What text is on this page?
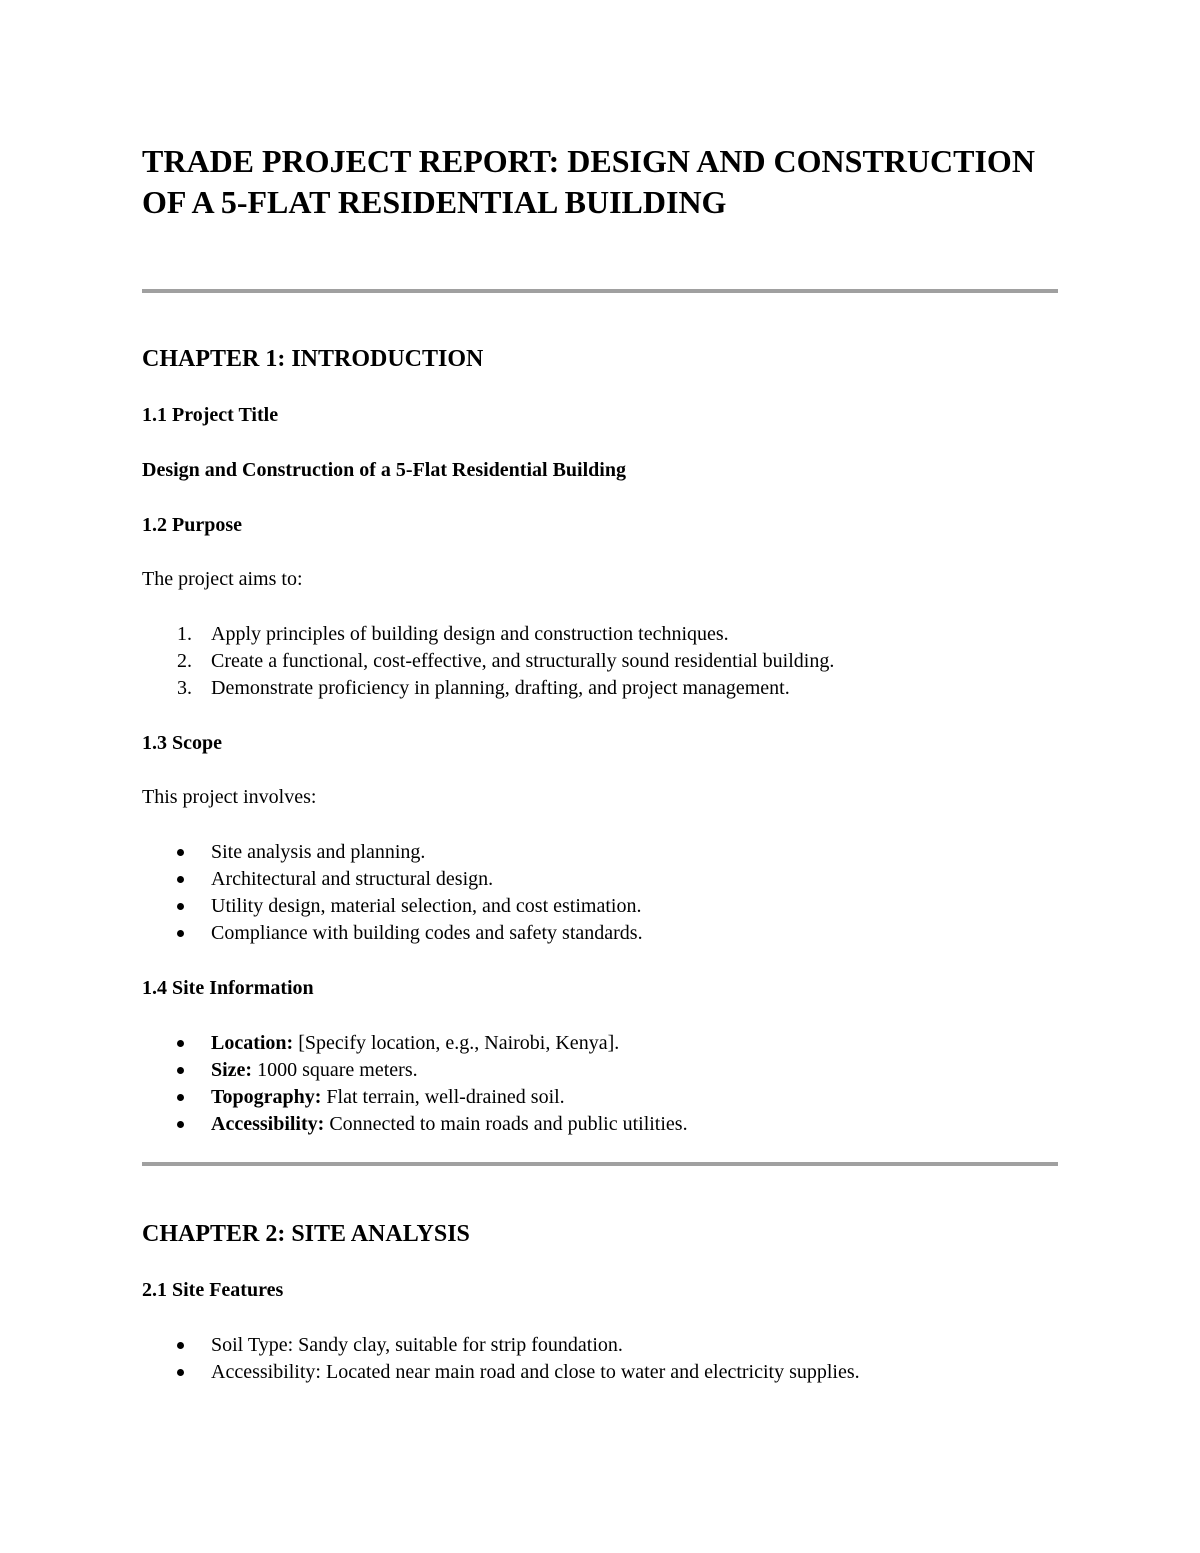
TRADE PROJECT REPORT: DESIGN AND CONSTRUCTION OF A 5-FLAT RESIDENTIAL BUILDING
CHAPTER 1: INTRODUCTION
1.1 Project Title

Design and Construction of a 5-Flat Residential Building

1.2 Purpose

The project aims to:

1. Apply principles of building design and construction techniques.
2. Create a functional, cost-effective, and structurally sound residential building.
3. Demonstrate proficiency in planning, drafting, and project management.
1.3 Scope

This project involves:

Site analysis and planning.
Architectural and structural design.
Utility design, material selection, and cost estimation.
Compliance with building codes and safety standards.
1.4 Site Information
Location: [Specify location, e.g., Nairobi, Kenya].
Size: 1000 square meters.
Topography: Flat terrain, well-drained soil.
Accessibility: Connected to main roads and public utilities.
CHAPTER 2: SITE ANALYSIS
2.1 Site Features
Soil Type: Sandy clay, suitable for strip foundation.
Accessibility: Located near main road and close to water and electricity supplies.
